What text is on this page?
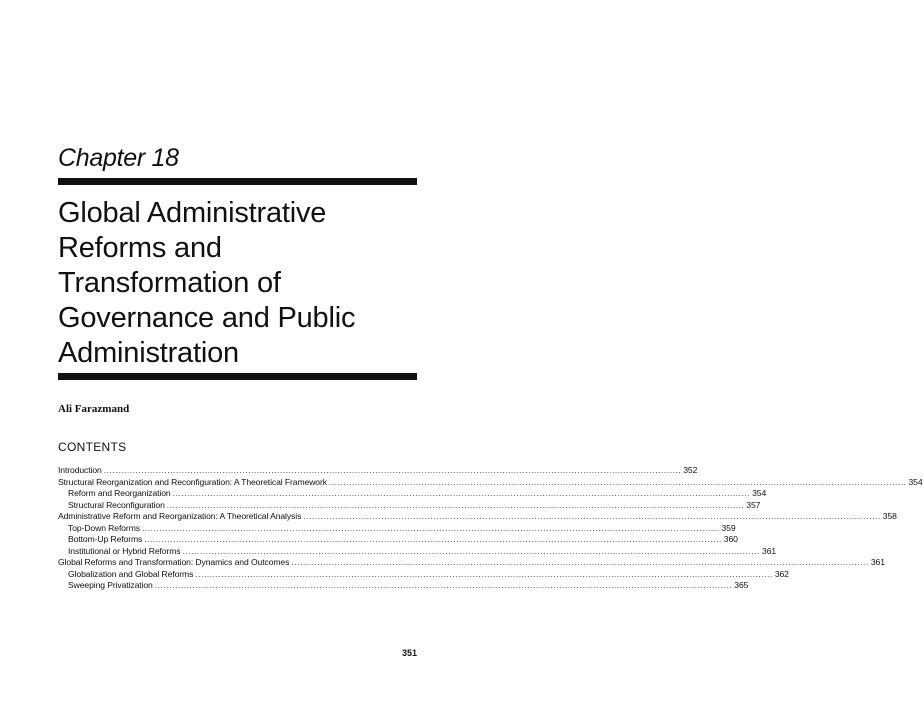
Chapter 18
Global Administrative
Reforms and
Transformation of
Governance and Public
Administration
Ali Farazmand
CONTENTS
Introduction ........................................................................................................................................................................................................ 352
Structural Reorganization and Reconfiguration: A Theoretical Framework ........................................................................................................................................................................................................ 354
Reform and Reorganization ........................................................................................................................................................................................................ 354
Structural Reconfiguration ........................................................................................................................................................................................................ 357
Administrative Reform and Reorganization: A Theoretical Analysis ........................................................................................................................................................................................................ 358
Top-Down Reforms ........................................................................................................................................................................................................ 359
Bottom-Up Reforms ........................................................................................................................................................................................................ 360
Institutional or Hybrid Reforms ........................................................................................................................................................................................................ 361
Global Reforms and Transformation: Dynamics and Outcomes ........................................................................................................................................................................................................ 361
Globalization and Global Reforms ........................................................................................................................................................................................................ 362
Sweeping Privatization ........................................................................................................................................................................................................ 365
351
